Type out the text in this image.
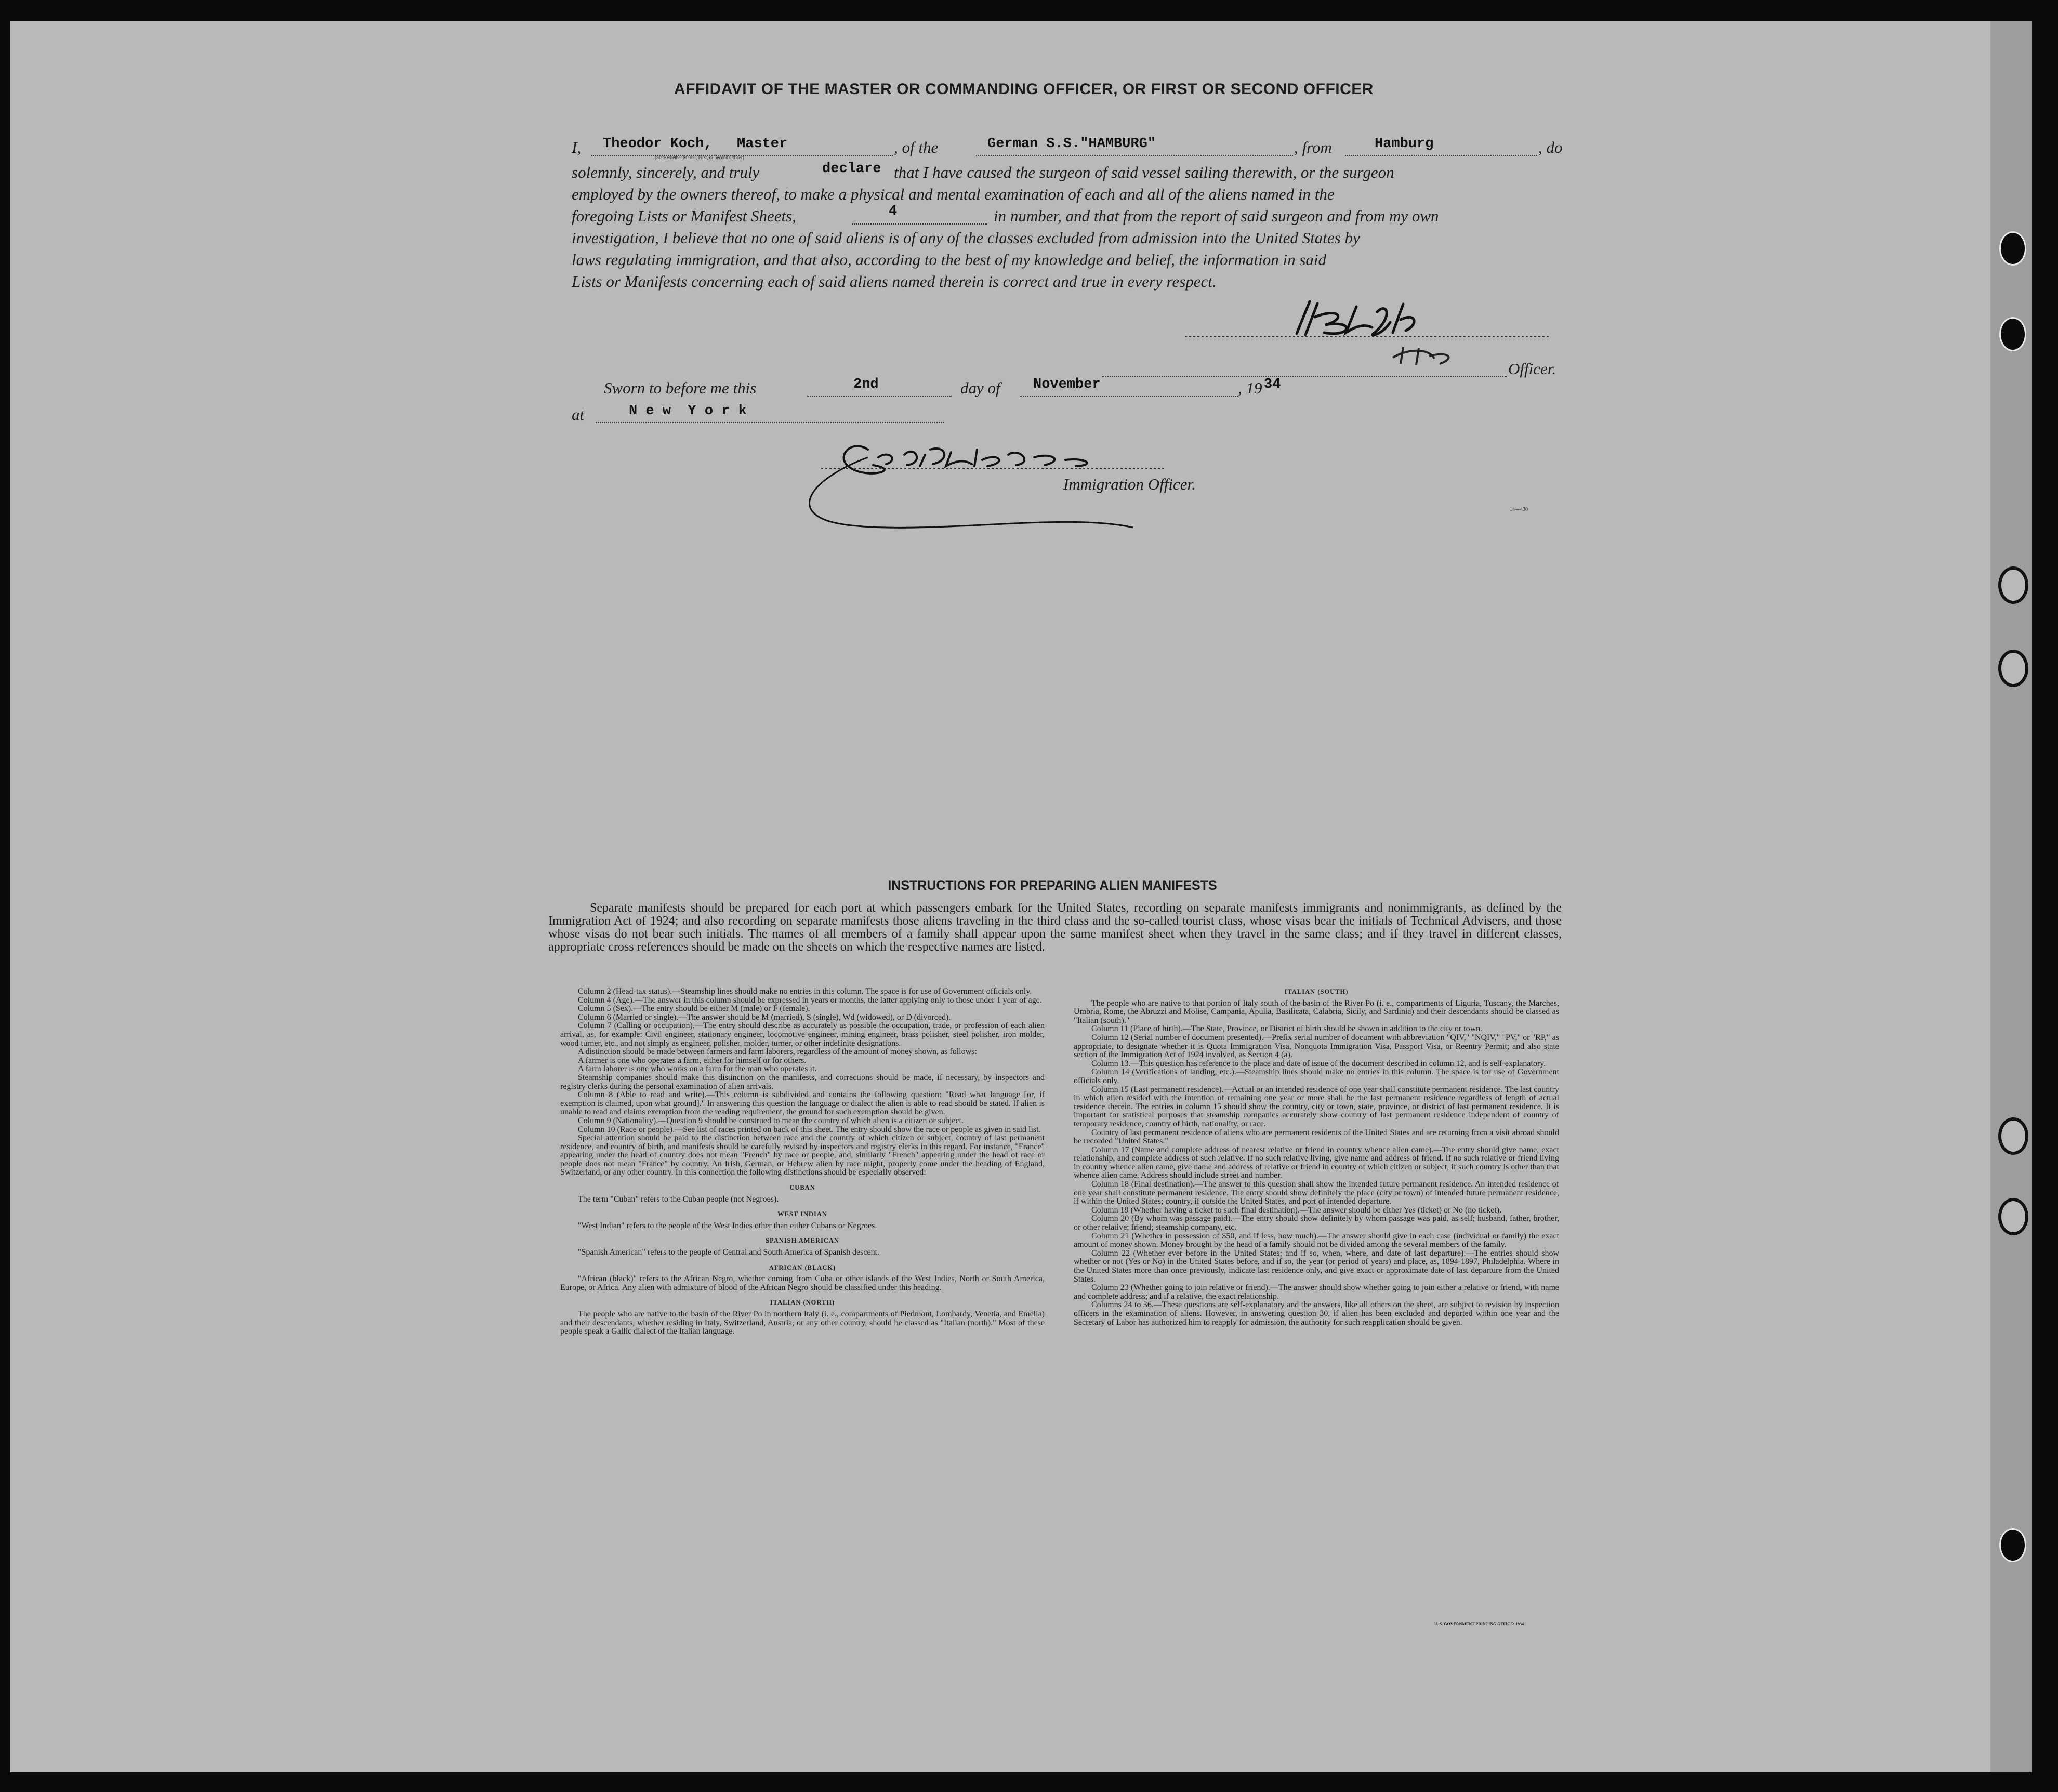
AFFIDAVIT OF THE MASTER OR COMMANDING OFFICER, OR FIRST OR SECOND OFFICER
I, Theodor Koch, Master
(State whether Master, First, or Second Officer)
, of the	German S.S."HAMBURG"	, from	Hamburg	, do
solemnly, sincerely, and truly	declare that I have caused the surgeon of said vessel sailing therewith, or the surgeon
employed by the owners thereof, to make a physical and mental examination of each and all of the aliens named in the
foregoing Lists or Manifest Sheets,	4	in number, and that from the report of said surgeon and from my own
investigation, I believe that no one of said aliens is of any of the classes excluded from admission into the United States by
laws regulating immigration, and that also, according to the best of my knowledge and belief, the information in said
Lists or Manifests concerning each of said aliens named therein is correct and true in every respect.
Officer.
Sworn to before me this	2nd	day of November	, 19 34
at	N e w  Y o r k
Immigration Officer.
14—430
INSTRUCTIONS FOR PREPARING ALIEN MANIFESTS

Separate manifests should be prepared for each port at which passengers embark for the United States, recording on separate manifests immigrants and nonimmigrants, as defined by the Immigration Act of 1924; and also recording on separate manifests those aliens traveling in the third class and the so-called tourist class, whose visas bear the initials of Technical Advisers, and those whose visas do not bear such initials. The names of all members of a family shall appear upon the same manifest sheet when they travel in the same class; and if they travel in different classes, appropriate cross references should be made on the sheets on which the respective names are listed.

Column 2 (Head-tax status).—Steamship lines should make no entries in this column. The space is for use of Government officials only.

Column 4 (Age).—The answer in this column should be expressed in years or months, the latter applying only to those under 1 year of age.

Column 5 (Sex).—The entry should be either M (male) or F (female).

Column 6 (Married or single).—The answer should be M (married), S (single), Wd (widowed), or D (divorced).

Column 7 (Calling or occupation).—The entry should describe as accurately as possible the occupation, trade, or profession of each alien arrival, as, for example: Civil engineer, stationary engineer, locomotive engineer, mining engineer, brass polisher, steel polisher, iron molder, wood turner, etc., and not simply as engineer, polisher, molder, turner, or other indefinite designations.

A distinction should be made between farmers and farm laborers, regardless of the amount of money shown, as follows:

A farmer is one who operates a farm, either for himself or for others.

A farm laborer is one who works on a farm for the man who operates it.

Steamship companies should make this distinction on the manifests, and corrections should be made, if necessary, by inspectors and registry clerks during the personal examination of alien arrivals.

Column 8 (Able to read and write).—This column is subdivided and contains the following question: "Read what language [or, if exemption is claimed, upon what ground]." In answering this question the language or dialect the alien is able to read should be stated. If alien is unable to read and claims exemption from the reading requirement, the ground for such exemption should be given.

Column 9 (Nationality).—Question 9 should be construed to mean the country of which alien is a citizen or subject.

Column 10 (Race or people).—See list of races printed on back of this sheet. The entry should show the race or people as given in said list.

Special attention should be paid to the distinction between race and the country of which citizen or subject, country of last permanent residence, and country of birth, and manifests should be carefully revised by inspectors and registry clerks in this regard. For instance, "France" appearing under the head of country does not mean "French" by race or people, and, similarly "French" appearing under the head of race or people does not mean "France" by country. An Irish, German, or Hebrew alien by race might, properly come under the heading of England, Switzerland, or any other country. In this connection the following distinctions should be especially observed:

CUBAN

The term "Cuban" refers to the Cuban people (not Negroes).

WEST INDIAN

"West Indian" refers to the people of the West Indies other than either Cubans or Negroes.

SPANISH AMERICAN

"Spanish American" refers to the people of Central and South America of Spanish descent.

AFRICAN (BLACK)

"African (black)" refers to the African Negro, whether coming from Cuba or other islands of the West Indies, North or South America, Europe, or Africa. Any alien with admixture of blood of the African Negro should be classified under this heading.

ITALIAN (NORTH)

The people who are native to the basin of the River Po in northern Italy (i. e., compartments of Piedmont, Lombardy, Venetia, and Emelia) and their descendants, whether residing in Italy, Switzerland, Austria, or any other country, should be classed as "Italian (north)." Most of these people speak a Gallic dialect of the Italian language.

ITALIAN (SOUTH)

The people who are native to that portion of Italy south of the basin of the River Po (i. e., compartments of Liguria, Tuscany, the Marches, Umbria, Rome, the Abruzzi and Molise, Campania, Apulia, Basilicata, Calabria, Sicily, and Sardinia) and their descendants should be classed as "Italian (south)."

Column 11 (Place of birth).—The State, Province, or District of birth should be shown in addition to the city or town.

Column 12 (Serial number of document presented).—Prefix serial number of document with abbreviation "QIV," "NQIV," "PV," or "RP," as appropriate, to designate whether it is Quota Immigration Visa, Nonquota Immigration Visa, Passport Visa, or Reentry Permit; and also state section of the Immigration Act of 1924 involved, as Section 4 (a).

Column 13.—This question has reference to the place and date of issue of the document described in column 12, and is self-explanatory.

Column 14 (Verifications of landing, etc.).—Steamship lines should make no entries in this column. The space is for use of Government officials only.

Column 15 (Last permanent residence).—Actual or an intended residence of one year shall constitute permanent residence. The last country in which alien resided with the intention of remaining one year or more shall be the last permanent residence regardless of length of actual residence therein. The entries in column 15 should show the country, city or town, state, province, or district of last permanent residence. It is important for statistical purposes that steamship companies accurately show country of last permanent residence independent of country of temporary residence, country of birth, nationality, or race.

Country of last permanent residence of aliens who are permanent residents of the United States and are returning from a visit abroad should be recorded "United States."

Column 17 (Name and complete address of nearest relative or friend in country whence alien came).—The entry should give name, exact relationship, and complete address of such relative. If no such relative living, give name and address of friend. If no such relative or friend living in country whence alien came, give name and address of relative or friend in country of which citizen or subject, if such country is other than that whence alien came. Address should include street and number.

Column 18 (Final destination).—The answer to this question shall show the intended future permanent residence. An intended residence of one year shall constitute permanent residence. The entry should show definitely the place (city or town) of intended future permanent residence, if within the United States; country, if outside the United States, and port of intended departure.

Column 19 (Whether having a ticket to such final destination).—The answer should be either Yes (ticket) or No (no ticket).

Column 20 (By whom was passage paid).—The entry should show definitely by whom passage was paid, as self; husband, father, brother, or other relative; friend; steamship company, etc.

Column 21 (Whether in possession of $50, and if less, how much).—The answer should give in each case (individual or family) the exact amount of money shown. Money brought by the head of a family should not be divided among the several members of the family.

Column 22 (Whether ever before in the United States; and if so, when, where, and date of last departure).—The entries should show whether or not (Yes or No) in the United States before, and if so, the year (or period of years) and place, as, 1894-1897, Philadelphia. Where in the United States more than once previously, indicate last residence only, and give exact or approximate date of last departure from the United States.

Column 23 (Whether going to join relative or friend).—The answer should show whether going to join either a relative or friend, with name and complete address; and if a relative, the exact relationship.

Columns 24 to 36.—These questions are self-explanatory and the answers, like all others on the sheet, are subject to revision by inspection officers in the examination of aliens. However, in answering question 30, if alien has been excluded and deported within one year and the Secretary of Labor has authorized him to reapply for admission, the authority for such reapplication should be given.

U. S. GOVERNMENT PRINTING OFFICE: 1934
